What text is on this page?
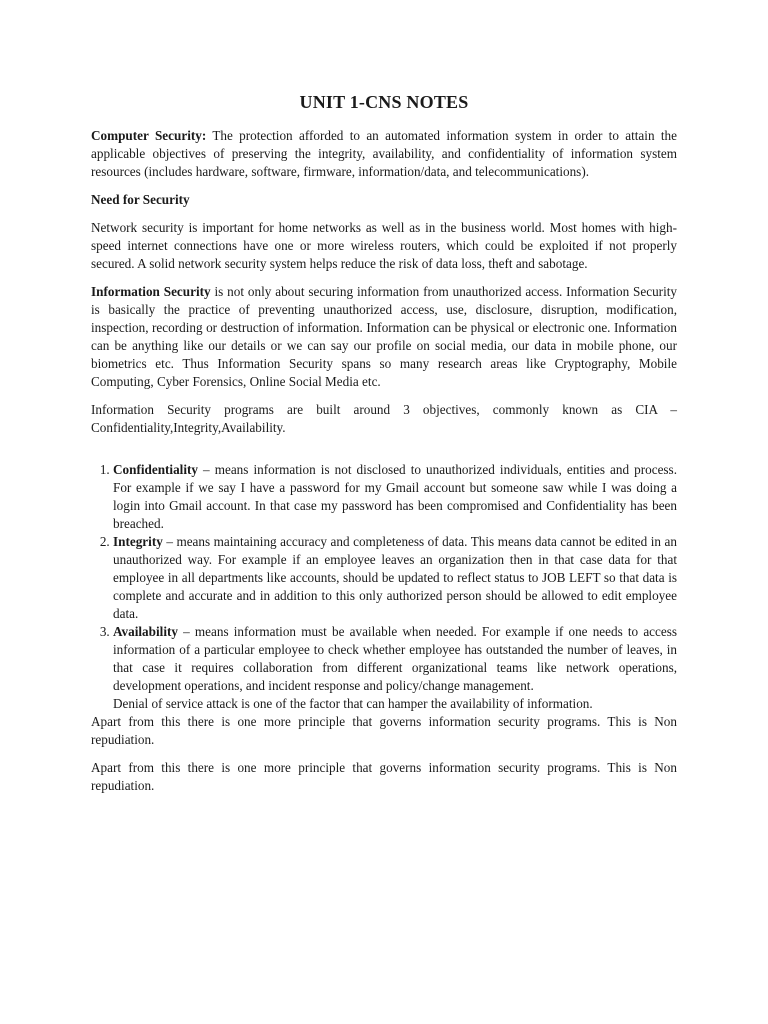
UNIT 1-CNS NOTES

Computer Security: The protection afforded to an automated information system in order to attain the applicable objectives of preserving the integrity, availability, and confidentiality of information system resources (includes hardware, software, firmware, information/data, and telecommunications).

Need for Security

Network security is important for home networks as well as in the business world. Most homes with high-speed internet connections have one or more wireless routers, which could be exploited if not properly secured. A solid network security system helps reduce the risk of data loss, theft and sabotage.

Information Security is not only about securing information from unauthorized access. Information Security is basically the practice of preventing unauthorized access, use, disclosure, disruption, modification, inspection, recording or destruction of information. Information can be physical or electronic one. Information can be anything like our details or we can say our profile on social media, our data in mobile phone, our biometrics etc. Thus Information Security spans so many research areas like Cryptography, Mobile Computing, Cyber Forensics, Online Social Media etc.

Information Security programs are built around 3 objectives, commonly known as CIA – Confidentiality,Integrity,Availability.

1. Confidentiality – means information is not disclosed to unauthorized individuals, entities and process. For example if we say I have a password for my Gmail account but someone saw while I was doing a login into Gmail account. In that case my password has been compromised and Confidentiality has been breached.
2. Integrity – means maintaining accuracy and completeness of data. This means data cannot be edited in an unauthorized way. For example if an employee leaves an organization then in that case data for that employee in all departments like accounts, should be updated to reflect status to JOB LEFT so that data is complete and accurate and in addition to this only authorized person should be allowed to edit employee data.
3. Availability – means information must be available when needed. For example if one needs to access information of a particular employee to check whether employee has outstanded the number of leaves, in that case it requires collaboration from different organizational teams like network operations, development operations, and incident response and policy/change management.

Denial of service attack is one of the factor that can hamper the availability of information.

Apart from this there is one more principle that governs information security programs. This is Non repudiation.

Apart from this there is one more principle that governs information security programs. This is Non repudiation.
